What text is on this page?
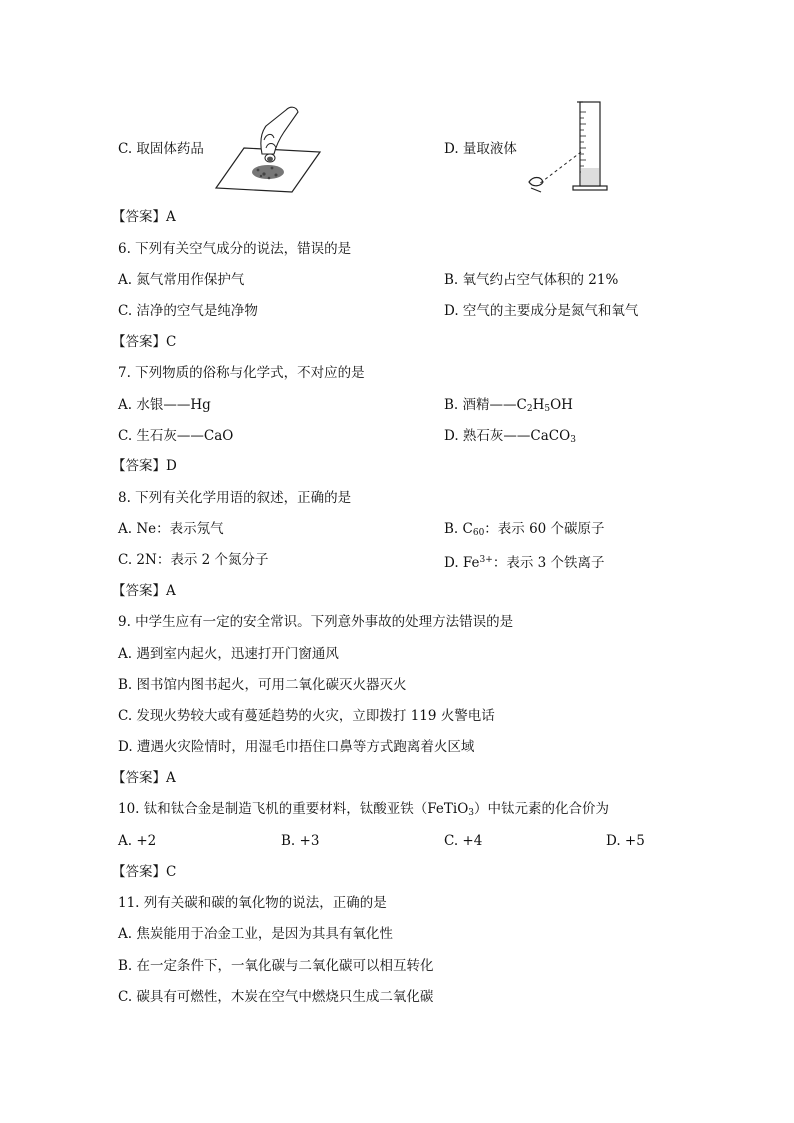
C. 取固体药品	D. 量取液体
【答案】A
6. 下列有关空气成分的说法，错误的是
A. 氮气常用作保护气	B. 氧气约占空气体积的 21%
C. 洁净的空气是纯净物	D. 空气的主要成分是氮气和氧气
【答案】C
7. 下列物质的俗称与化学式，不对应的是
A. 水银——Hg	B. 酒精$——C_2H_5OH$
C. 生石灰——CaO	D. 熟石灰——CaCO$_3$
【答案】D
8. 下列有关化学用语的叙述，正确的是
A. Ne：表示氖气	B. $C_{60}$：表示 60 个碳原子
C. 2N：表示 2 个氮分子	D. $Fe^{3+}$：表示 3 个铁离子
【答案】A
9. 中学生应有一定的安全常识。下列意外事故的处理方法错误的是
A. 遇到室内起火，迅速打开门窗通风
B. 图书馆内图书起火，可用二氧化碳灭火器灭火
C. 发现火势较大或有蔓延趋势的火灾，立即拨打 119 火警电话
D. 遭遇火灾险情时，用湿毛巾捂住口鼻等方式跑离着火区域
【答案】A
10. 钛和钛合金是制造飞机的重要材料，钛酸亚铁（FeTiO$_3$）中钛元素的化合价为
A. +2	B. +3	C. +4	D. +5
【答案】C
11. 列有关碳和碳的氧化物的说法，正确的是
A. 焦炭能用于冶金工业，是因为其具有氧化性
B. 在一定条件下，一氧化碳与二氧化碳可以相互转化
C. 碳具有可燃性，木炭在空气中燃烧只生成二氧化碳
